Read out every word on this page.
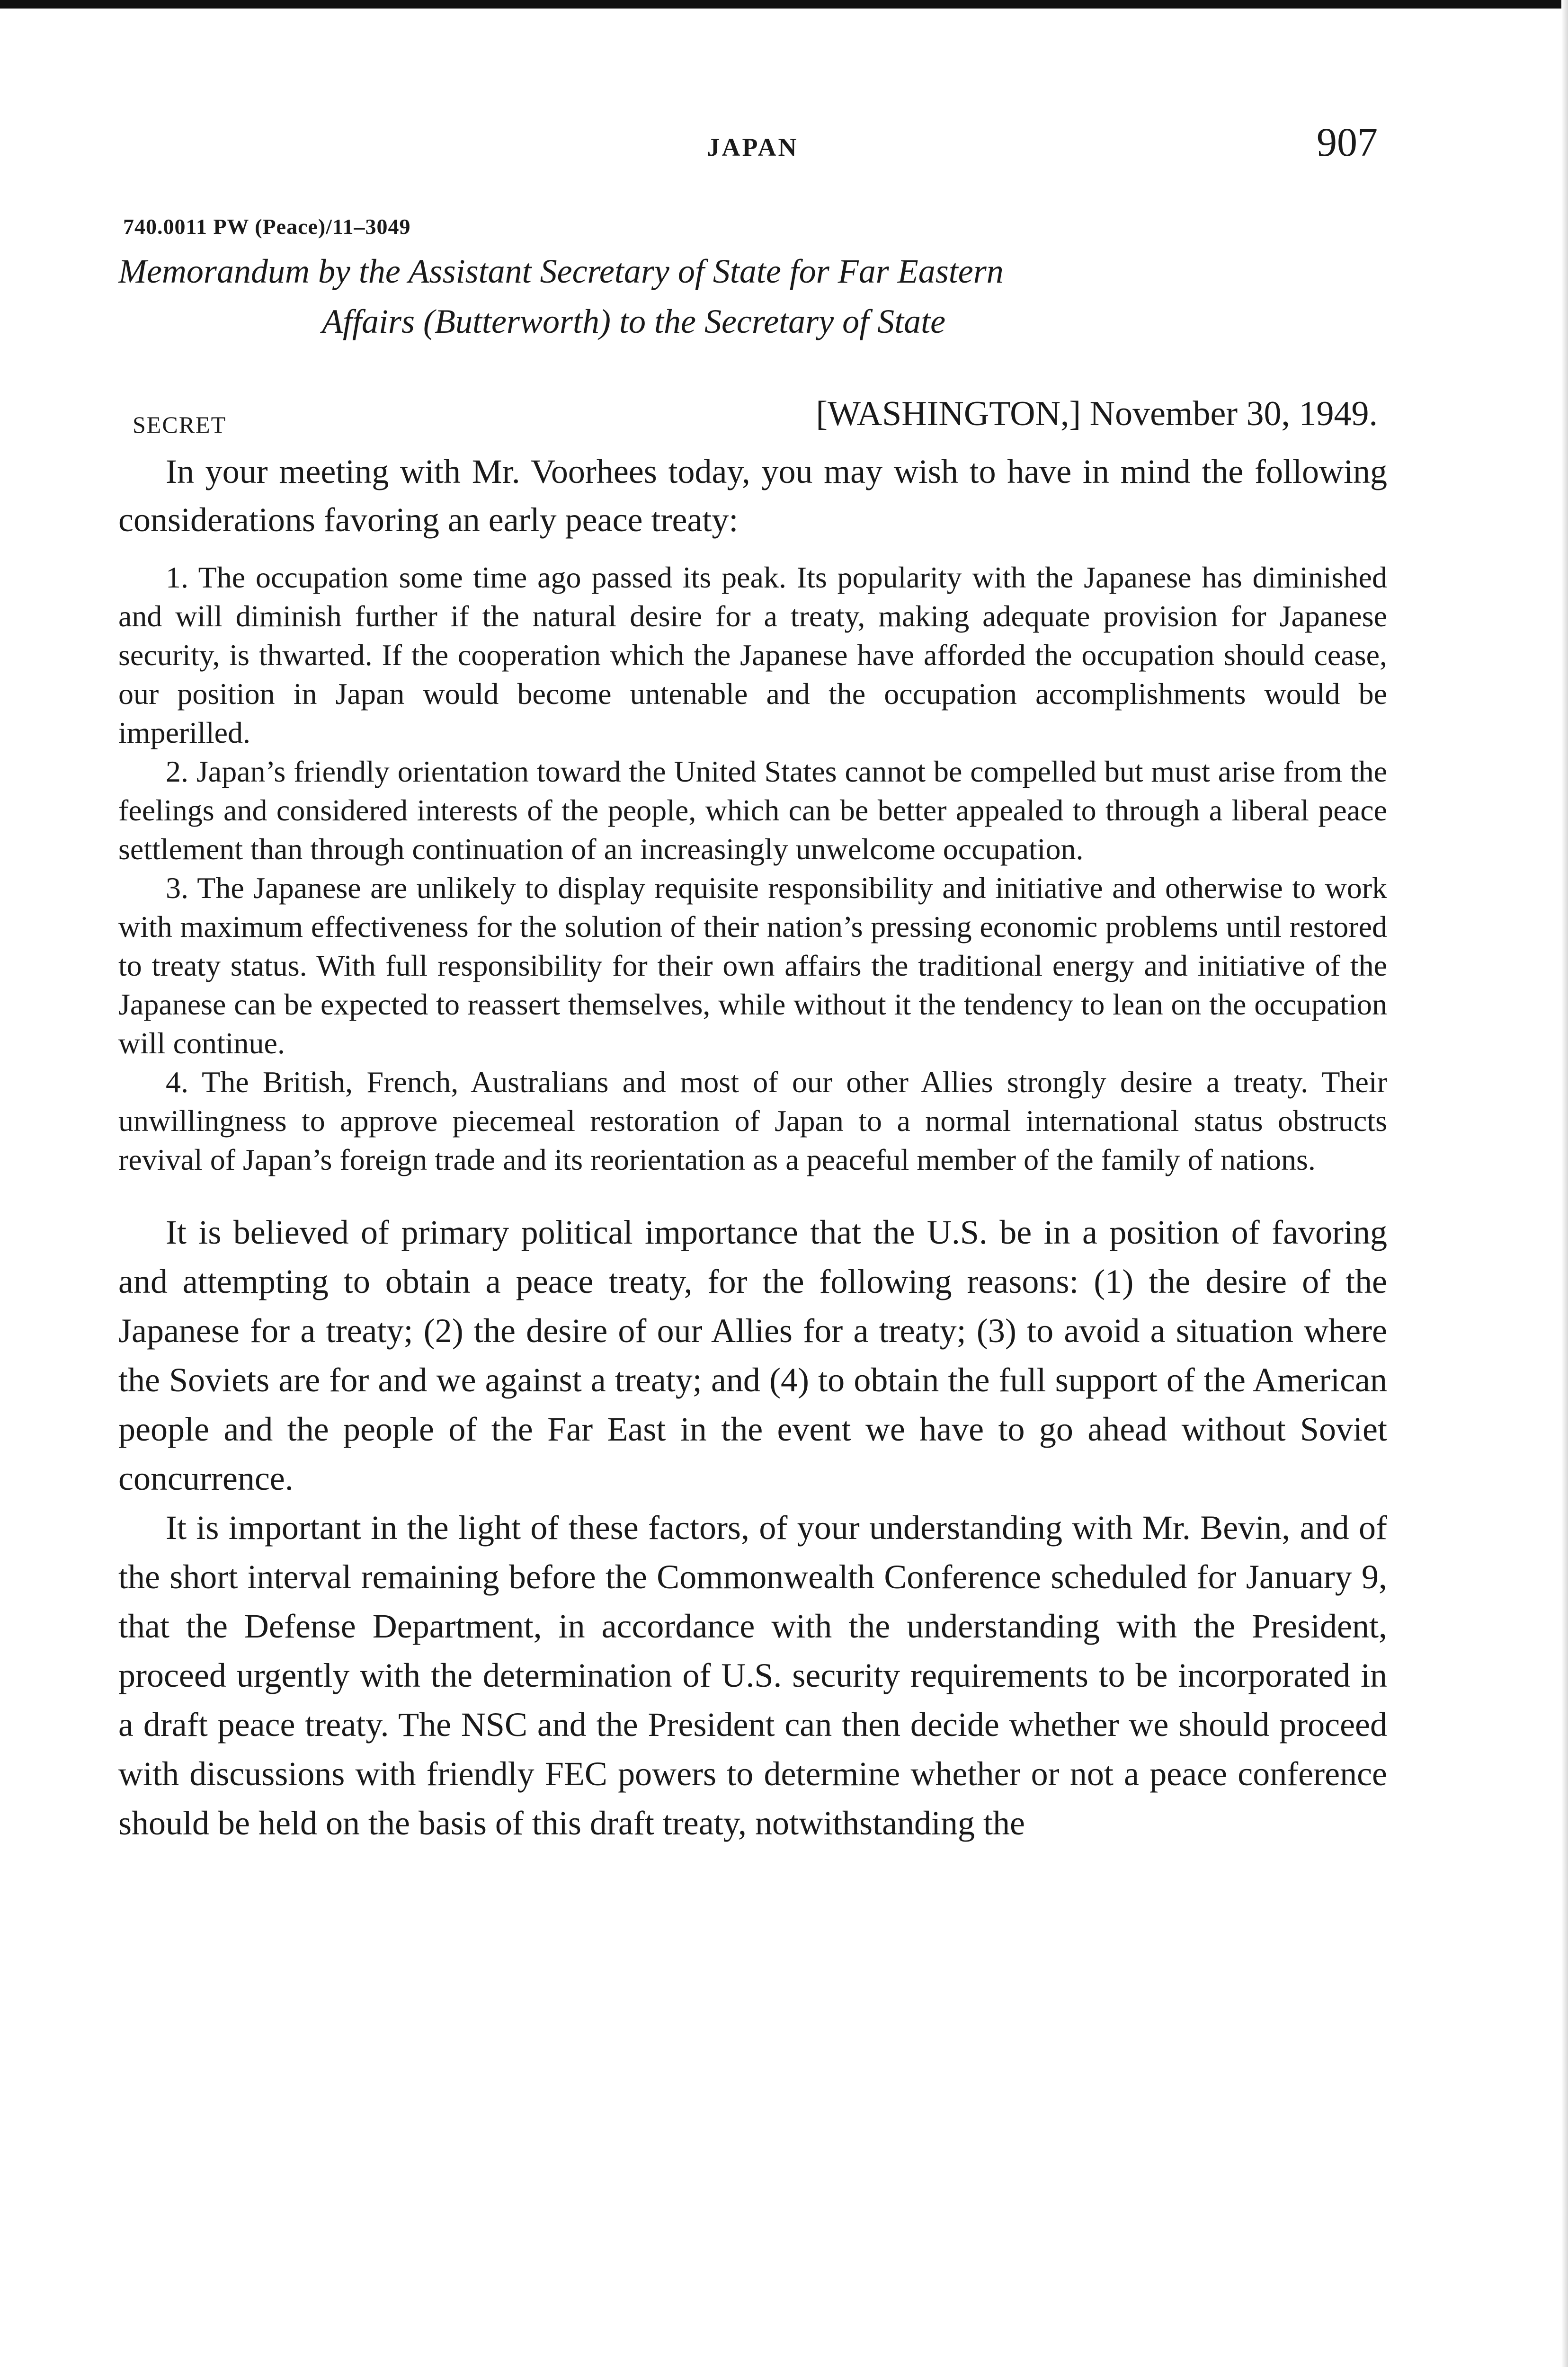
JAPAN	907
740.0011 PW (Peace)/11–3049
Memorandum by the Assistant Secretary of State for Far Eastern
Affairs (Butterworth) to the Secretary of State
SECRET	[WASHINGTON,] November 30, 1949.

In your meeting with Mr. Voorhees today, you may wish to have in mind the following considerations favoring an early peace treaty:

1. The occupation some time ago passed its peak. Its popularity with the Japanese has diminished and will diminish further if the natural desire for a treaty, making adequate provision for Japanese security, is thwarted. If the cooperation which the Japanese have afforded the occupation should cease, our position in Japan would become untenable and the occupation accomplishments would be imperilled.

2. Japan’s friendly orientation toward the United States cannot be compelled but must arise from the feelings and considered interests of the people, which can be better appealed to through a liberal peace settlement than through continuation of an increasingly unwelcome occupation.

3. The Japanese are unlikely to display requisite responsibility and initiative and otherwise to work with maximum effectiveness for the solution of their nation’s pressing economic problems until restored to treaty status. With full responsibility for their own affairs the traditional energy and initiative of the Japanese can be expected to reassert themselves, while without it the tendency to lean on the occupation will continue.

4. The British, French, Australians and most of our other Allies strongly desire a treaty. Their unwillingness to approve piecemeal restoration of Japan to a normal international status obstructs revival of Japan’s foreign trade and its reorientation as a peaceful member of the family of nations.

It is believed of primary political importance that the U.S. be in a position of favoring and attempting to obtain a peace treaty, for the following reasons: (1) the desire of the Japanese for a treaty; (2) the desire of our Allies for a treaty; (3) to avoid a situation where the Soviets are for and we against a treaty; and (4) to obtain the full support of the American people and the people of the Far East in the event we have to go ahead without Soviet concurrence.

It is important in the light of these factors, of your understanding with Mr. Bevin, and of the short interval remaining before the Commonwealth Conference scheduled for January 9, that the Defense Department, in accordance with the understanding with the President, proceed urgently with the determination of U.S. security requirements to be incorporated in a draft peace treaty. The NSC and the President can then decide whether we should proceed with discussions with friendly FEC powers to determine whether or not a peace conference should be held on the basis of this draft treaty, notwithstanding the
